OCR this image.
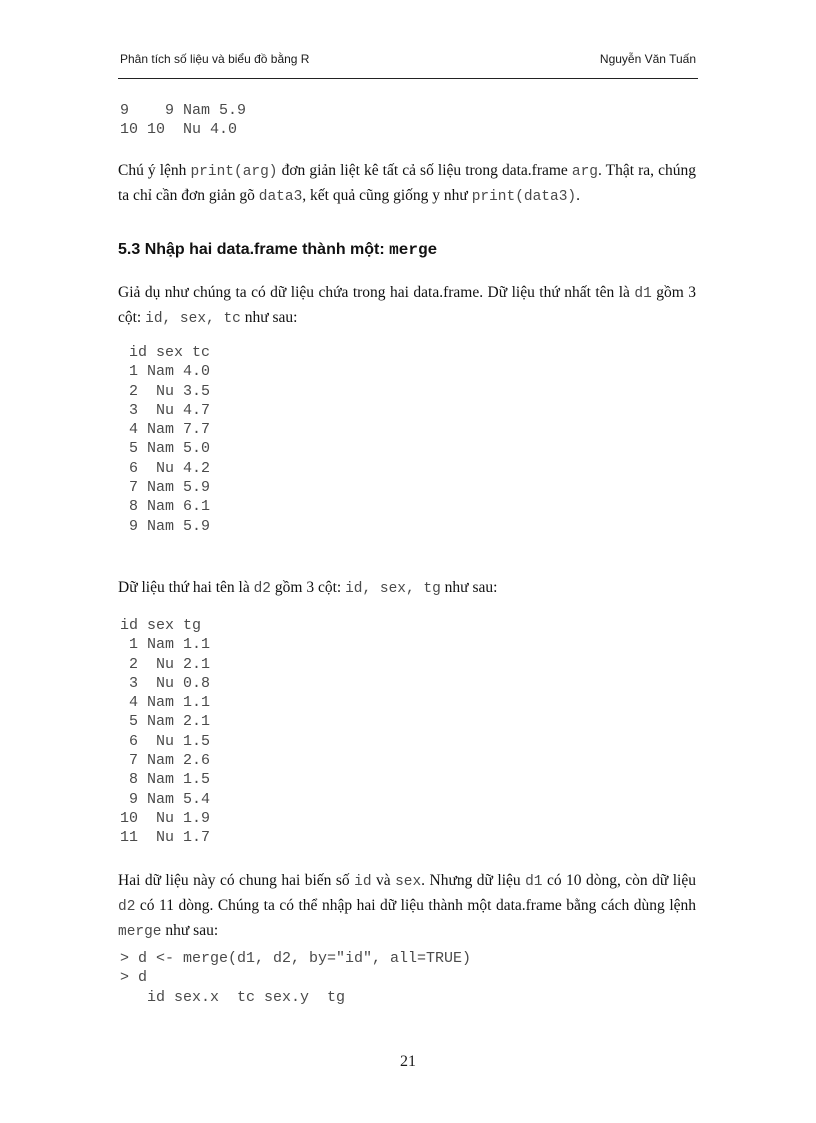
Phân tích số liệu và biểu đồ bằng R	Nguyễn Văn Tuấn
9    9 Nam 5.9
10 10  Nu 4.0

Chú ý lệnh print(arg) đơn giản liệt kê tất cả số liệu trong data.frame arg. Thật ra, chúng ta chỉ cần đơn giản gõ data3, kết quả cũng giống y như print(data3).

5.3 Nhập hai data.frame thành một: merge

Giả dụ như chúng ta có dữ liệu chứa trong hai data.frame. Dữ liệu thứ nhất tên là d1 gồm 3 cột: id, sex, tc như sau:

id sex tc
1 Nam 4.0
2  Nu 3.5
3  Nu 4.7
4 Nam 7.7
5 Nam 5.0
6  Nu 4.2
7 Nam 5.9
8 Nam 6.1
9 Nam 5.9

Dữ liệu thứ hai tên là d2 gồm 3 cột: id, sex, tg như sau:

id sex tg
1 Nam 1.1
2  Nu 2.1
3  Nu 0.8
4 Nam 1.1
5 Nam 2.1
6  Nu 1.5
7 Nam 2.6
8 Nam 1.5
9 Nam 5.4
10  Nu 1.9
11  Nu 1.7

Hai dữ liệu này có chung hai biến số id và sex. Nhưng dữ liệu d1 có 10 dòng, còn dữ liệu d2 có 11 dòng. Chúng ta có thể nhập hai dữ liệu thành một data.frame bằng cách dùng lệnh merge như sau:

> d <- merge(d1, d2, by="id", all=TRUE)
> d
id sex.x  tc sex.y  tg
21
